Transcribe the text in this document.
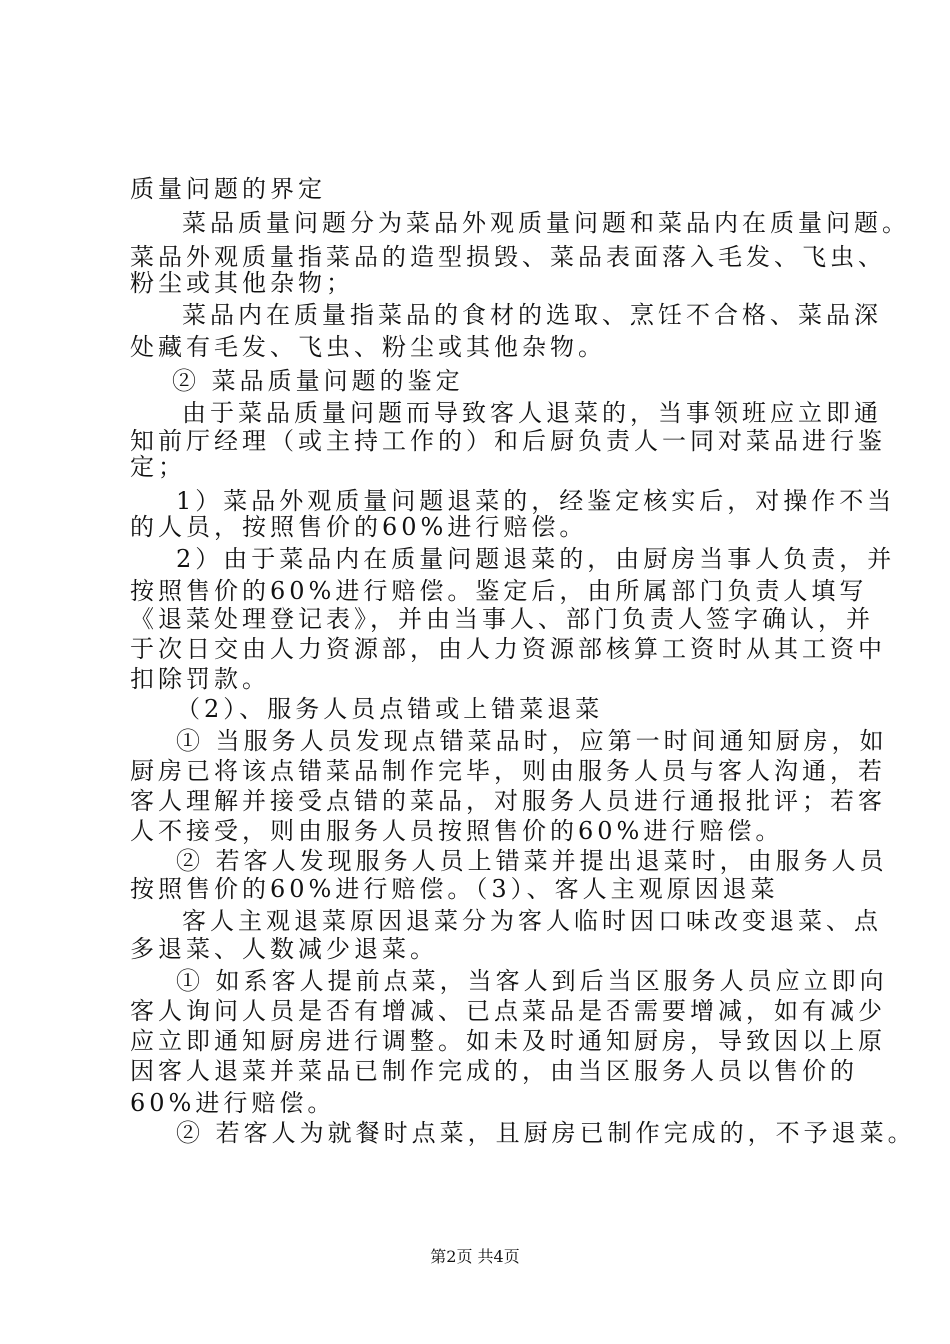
质量问题的界定
菜品质量问题分为菜品外观质量问题和菜品内在质量问题。
菜品外观质量指菜品的造型损毁、菜品表面落入毛发、飞虫、
粉尘或其他杂物；
菜品内在质量指菜品的食材的选取、烹饪不合格、菜品深
处藏有毛发、飞虫、粉尘或其他杂物。
② 菜品质量问题的鉴定
由于菜品质量问题而导致客人退菜的，当事领班应立即通
知前厅经理（或主持工作的）和后厨负责人一同对菜品进行鉴
定；
1）菜品外观质量问题退菜的，经鉴定核实后，对操作不当
的人员，按照售价的60%进行赔偿。
2）由于菜品内在质量问题退菜的，由厨房当事人负责，并
按照售价的60%进行赔偿。鉴定后，由所属部门负责人填写
《退菜处理登记表》，并由当事人、部门负责人签字确认，并
于次日交由人力资源部，由人力资源部核算工资时从其工资中
扣除罚款。
（2）、服务人员点错或上错菜退菜
① 当服务人员发现点错菜品时，应第一时间通知厨房，如
厨房已将该点错菜品制作完毕，则由服务人员与客人沟通，若
客人理解并接受点错的菜品，对服务人员进行通报批评；若客
人不接受，则由服务人员按照售价的60%进行赔偿。
② 若客人发现服务人员上错菜并提出退菜时，由服务人员
按照售价的60%进行赔偿。（3）、客人主观原因退菜
客人主观退菜原因退菜分为客人临时因口味改变退菜、点
多退菜、人数减少退菜。
① 如系客人提前点菜，当客人到后当区服务人员应立即向
客人询问人员是否有增减、已点菜品是否需要增减，如有减少
应立即通知厨房进行调整。如未及时通知厨房，导致因以上原
因客人退菜并菜品已制作完成的，由当区服务人员以售价的
60%进行赔偿。
② 若客人为就餐时点菜，且厨房已制作完成的，不予退菜。
第2页 共4页
